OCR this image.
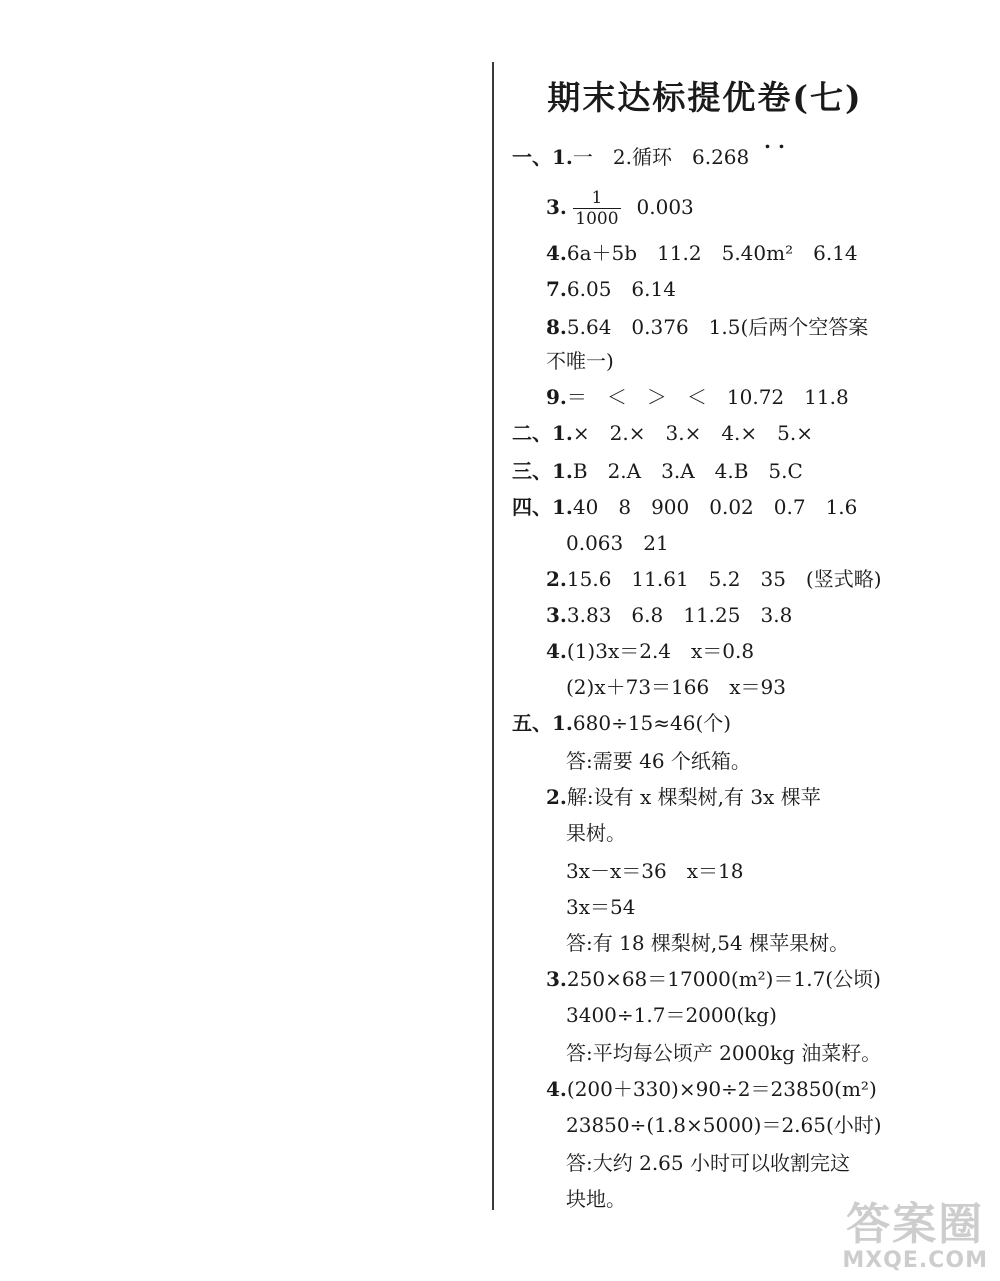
期末达标提优卷(七)
一、1.一　2.循环　6.268
. .
3. $\frac{1}{1000} 0.003$
4.6a＋5b　11.2　5.40m²　6.14
7.6.05　6.14
8.5.64　0.376　1.5(后两个空答案
不唯一)
9.＝　＜　＞　＜　10.72　11.8
二、1.×　2.×　3.×　4.×　5.×
三、1.B　2.A　3.A　4.B　5.C
四、1.40　8　900　0.02　0.7　1.6
0.063　21
2.15.6　11.61　5.2　35　(竖式略)
3.3.83　6.8　11.25　3.8
4.(1)3x＝2.4　x＝0.8
(2)x＋73＝166　x＝93
五、1.680÷15≈46(个)
答:需要 46 个纸箱。
2.解:设有 x 棵梨树,有 3x 棵苹
果树。
3x－x＝36　x＝18
3x＝54
答:有 18 棵梨树,54 棵苹果树。
3.250×68＝17000(m²)＝1.7(公顷)
3400÷1.7＝2000(kg)
答:平均每公顷产 2000kg 油菜籽。
4.(200＋330)×90÷2＝23850(m²)
23850÷(1.8×5000)＝2.65(小时)
答:大约 2.65 小时可以收割完这
块地。	答案圈
MXQE.COM
